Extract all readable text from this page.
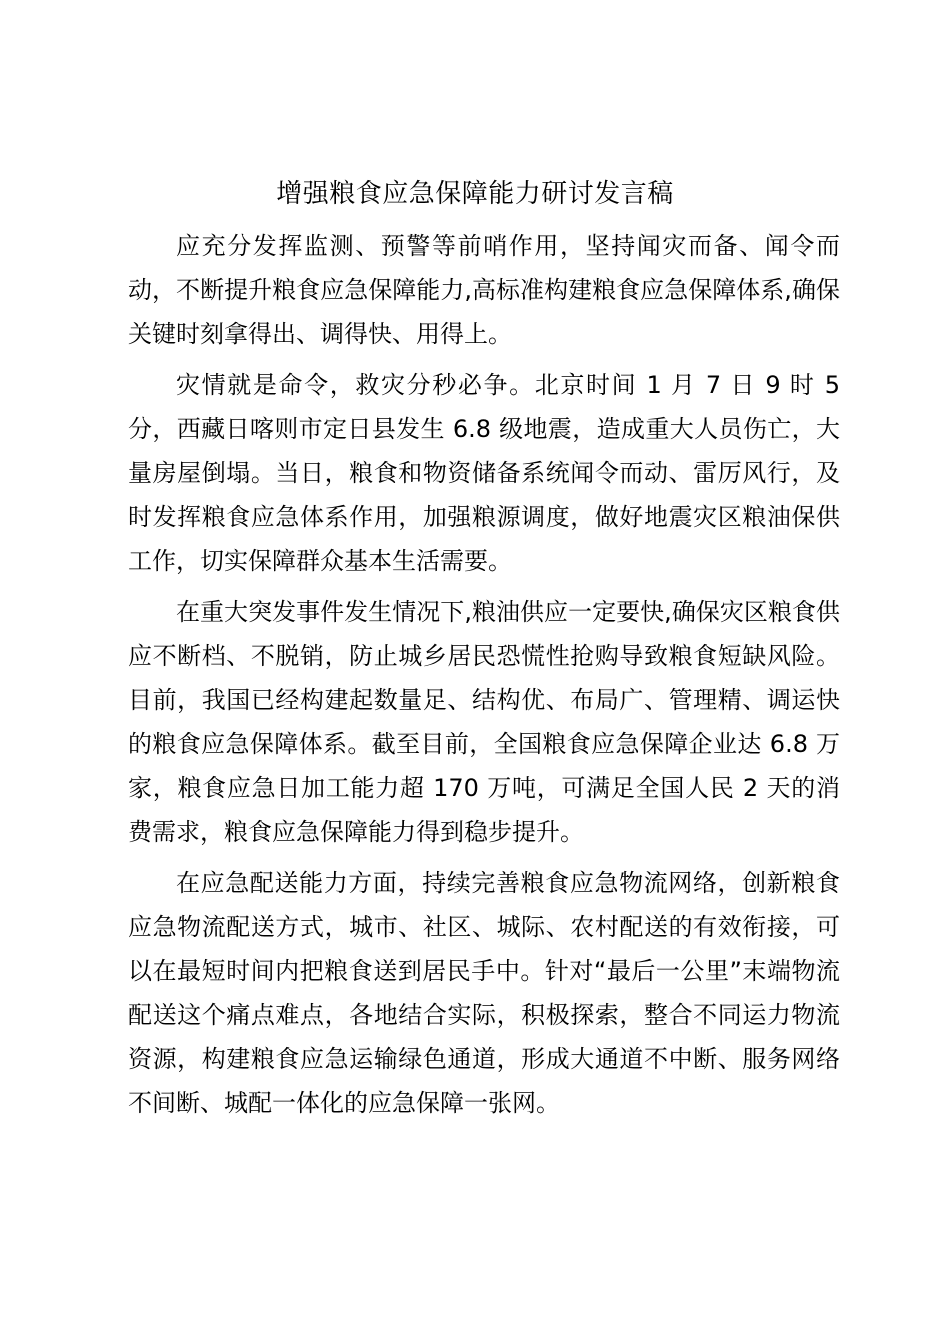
增强粮食应急保障能力研讨发言稿

应充分发挥监测、预警等前哨作用，坚持闻灾而备、闻令而动，不断提升粮食应急保障能力,高标准构建粮食应急保障体系,确保关键时刻拿得出、调得快、用得上。

灾情就是命令，救灾分秒必争。北京时间 1 月 7 日 9 时 5 分，西藏日喀则市定日县发生 6.8 级地震，造成重大人员伤亡，大量房屋倒塌。当日，粮食和物资储备系统闻令而动、雷厉风行，及时发挥粮食应急体系作用，加强粮源调度，做好地震灾区粮油保供工作，切实保障群众基本生活需要。

在重大突发事件发生情况下,粮油供应一定要快,确保灾区粮食供应不断档、不脱销，防止城乡居民恐慌性抢购导致粮食短缺风险。目前，我国已经构建起数量足、结构优、布局广、管理精、调运快的粮食应急保障体系。截至目前，全国粮食应急保障企业达 6.8 万家，粮食应急日加工能力超 170 万吨，可满足全国人民 2 天的消费需求，粮食应急保障能力得到稳步提升。

在应急配送能力方面，持续完善粮食应急物流网络，创新粮食应急物流配送方式，城市、社区、城际、农村配送的有效衔接，可以在最短时间内把粮食送到居民手中。针对“最后一公里”末端物流配送这个痛点难点，各地结合实际，积极探索，整合不同运力物流资源，构建粮食应急运输绿色通道，形成大通道不中断、服务网络不间断、城配一体化的应急保障一张网。
